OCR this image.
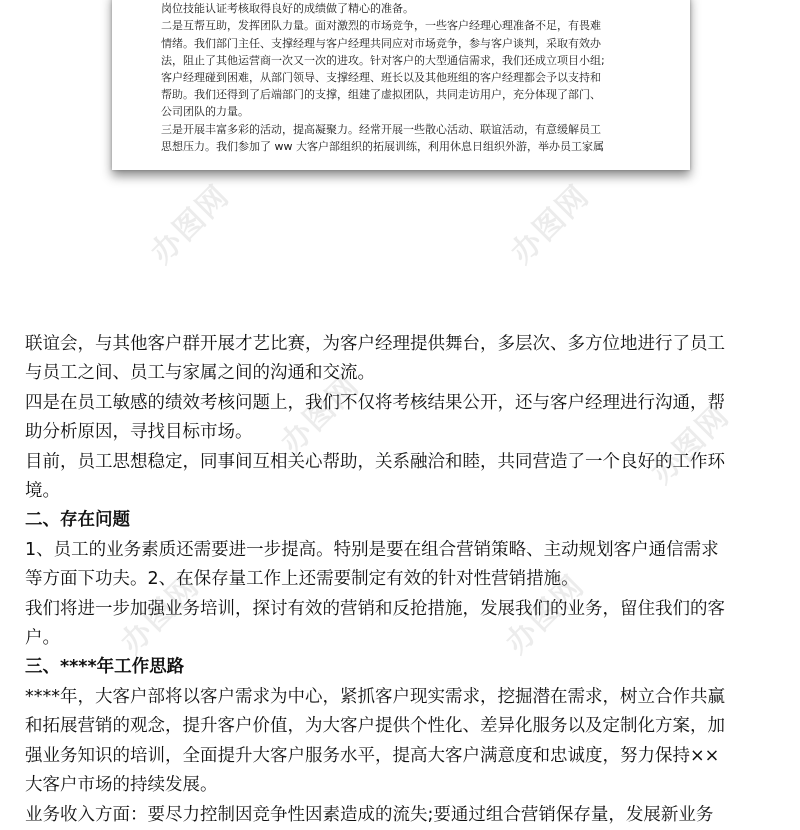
岗位技能认证考核取得良好的成绩做了精心的准备。
二是互帮互助，发挥团队力量。面对激烈的市场竞争，一些客户经理心理准备不足，有畏难
情绪。我们部门主任、支撑经理与客户经理共同应对市场竞争，参与客户谈判，采取有效办
法，阻止了其他运营商一次又一次的进攻。针对客户的大型通信需求，我们还成立项目小组;
客户经理碰到困难，从部门领导、支撑经理、班长以及其他班组的客户经理都会予以支持和
帮助。我们还得到了后端部门的支撑，组建了虚拟团队，共同走访用户，充分体现了部门、
公司团队的力量。
三是开展丰富多彩的活动，提高凝聚力。经常开展一些散心活动、联谊活动，有意缓解员工
思想压力。我们参加了 ww 大客户部组织的拓展训练，利用休息日组织外游，举办员工家属
办图网	办图网
办图网
办图网	办图网
办图网

联谊会，与其他客户群开展才艺比赛，为客户经理提供舞台，多层次、多方位地进行了员工

与员工之间、员工与家属之间的沟通和交流。

四是在员工敏感的绩效考核问题上，我们不仅将考核结果公开，还与客户经理进行沟通，帮

助分析原因，寻找目标市场。

目前，员工思想稳定，同事间互相关心帮助，关系融洽和睦，共同营造了一个良好的工作环

境。

二、存在问题

1、员工的业务素质还需要进一步提高。特别是要在组合营销策略、主动规划客户通信需求

等方面下功夫。2、在保存量工作上还需要制定有效的针对性营销措施。

我们将进一步加强业务培训，探讨有效的营销和反抢措施，发展我们的业务，留住我们的客

户。

三、****年工作思路

****年，大客户部将以客户需求为中心，紧抓客户现实需求，挖掘潜在需求，树立合作共赢

和拓展营销的观念，提升客户价值，为大客户提供个性化、差异化服务以及定制化方案，加

强业务知识的培训，全面提升大客户服务水平，提高大客户满意度和忠诚度，努力保持××

大客户市场的持续发展。

业务收入方面：要尽力控制因竞争性因素造成的流失;要通过组合营销保存量，发展新业务
